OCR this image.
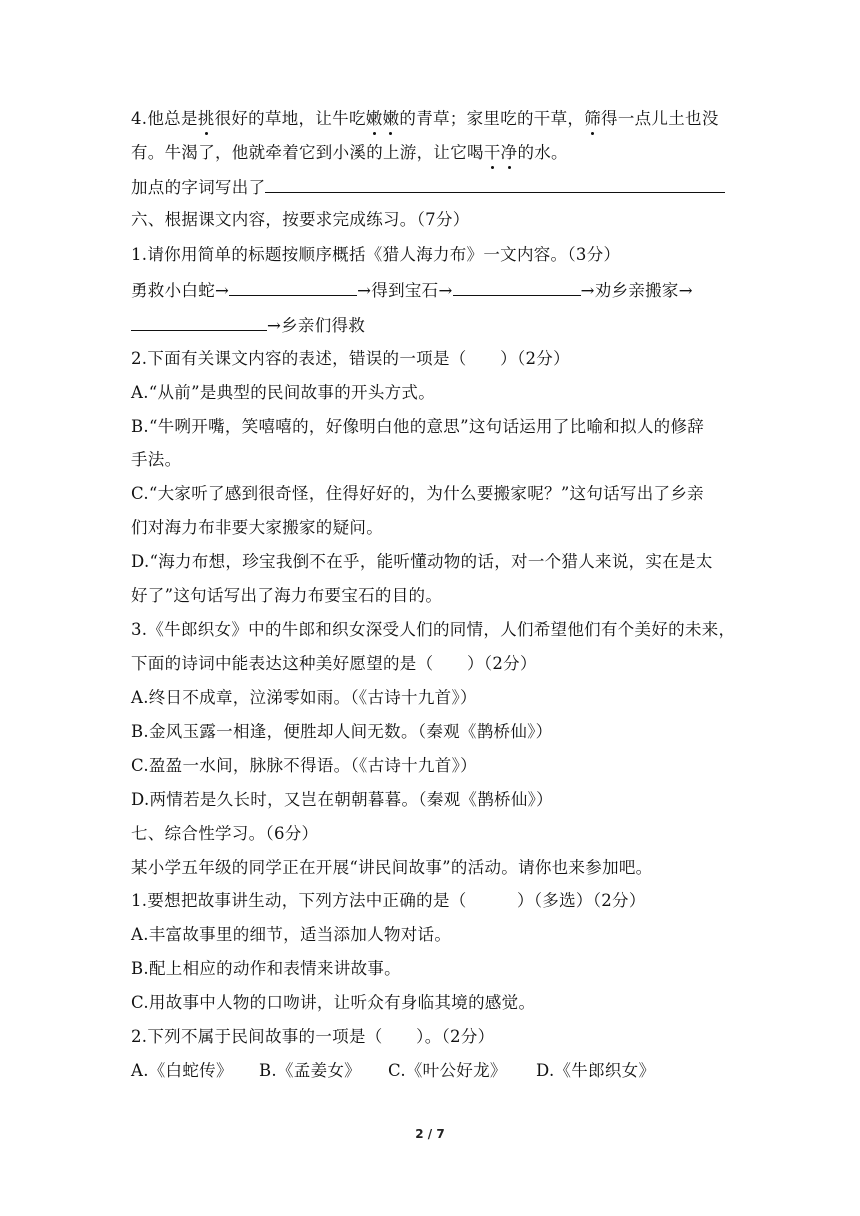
4.他总是挑很好的草地，让牛吃嫩嫩的青草；家里吃的干草，筛得一点儿土也没
有。牛渴了，他就牵着它到小溪的上游，让它喝干净的水。
加点的字词写出了
六、根据课文内容，按要求完成练习。（7分）
1.请你用简单的标题按顺序概括《猎人海力布》一文内容。（3分）
勇救小白蛇→	→得到宝石→	→劝乡亲搬家→
→乡亲们得救
2.下面有关课文内容的表述，错误的一项是（　　）（2分）
A.“从前”是典型的民间故事的开头方式。
B.“牛咧开嘴，笑嘻嘻的，好像明白他的意思”这句话运用了比喻和拟人的修辞
手法。
C.“大家听了感到很奇怪，住得好好的，为什么要搬家呢？”这句话写出了乡亲
们对海力布非要大家搬家的疑问。
D.“海力布想，珍宝我倒不在乎，能听懂动物的话，对一个猎人来说，实在是太
好了”这句话写出了海力布要宝石的目的。
3.《牛郎织女》中的牛郎和织女深受人们的同情，人们希望他们有个美好的未来，
下面的诗词中能表达这种美好愿望的是（　　）（2分）
A.终日不成章，泣涕零如雨。（《古诗十九首》）
B.金风玉露一相逢，便胜却人间无数。（秦观《鹊桥仙》）
C.盈盈一水间，脉脉不得语。（《古诗十九首》）
D.两情若是久长时，又岂在朝朝暮暮。（秦观《鹊桥仙》）
七、综合性学习。（6分）
某小学五年级的同学正在开展“讲民间故事”的活动。请你也来参加吧。
1.要想把故事讲生动，下列方法中正确的是（　　　）（多选）（2分）
A.丰富故事里的细节，适当添加人物对话。
B.配上相应的动作和表情来讲故事。
C.用故事中人物的口吻讲，让听众有身临其境的感觉。
2.下列不属于民间故事的一项是（　　）。（2分）
A.《白蛇传》 B.《孟姜女》 C.《叶公好龙》 D.《牛郎织女》
2 / 7
